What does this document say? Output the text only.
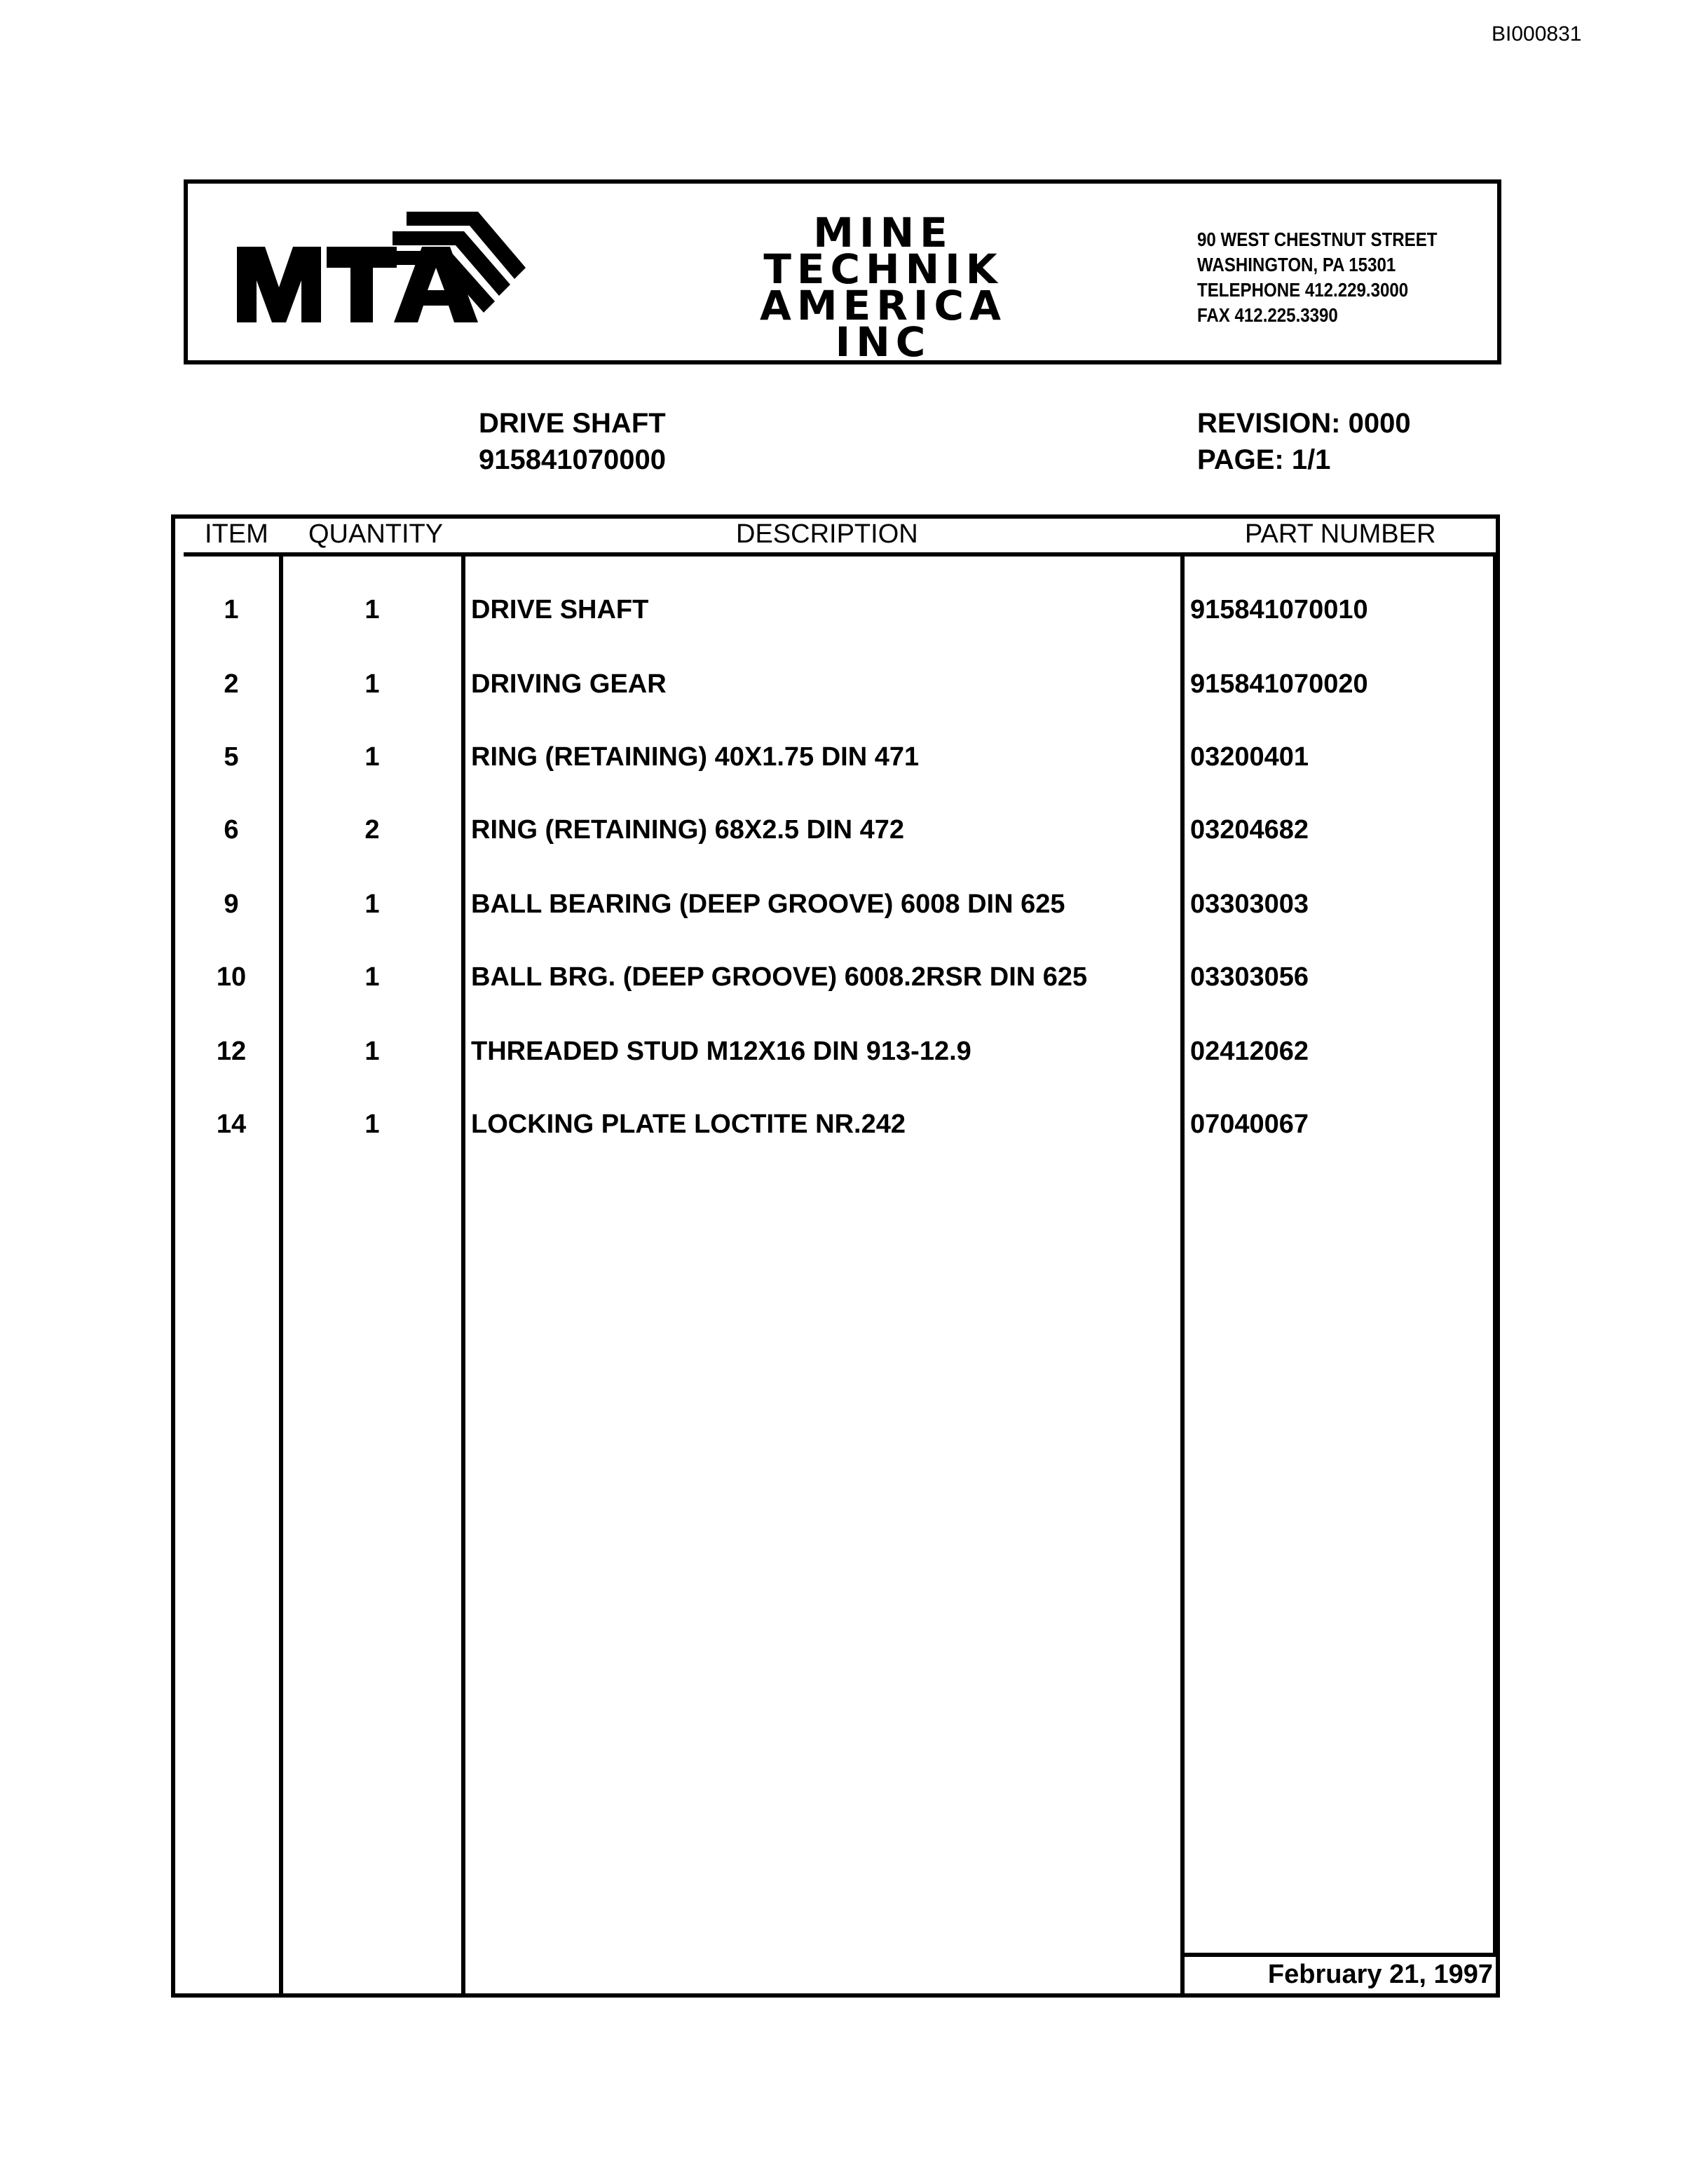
BI000831
MINE
TECHNIK
AMERICA
INC
90 WEST CHESTNUT STREET
WASHINGTON, PA 15301
TELEPHONE 412.229.3000
FAX 412.225.3390
DRIVE SHAFT
915841070000
REVISION: 0000
PAGE: 1/1
ITEM QUANTITY	DESCRIPTION	PART NUMBER
1	1	DRIVE SHAFT	915841070010
2	1	DRIVING GEAR	915841070020
5	1	RING (RETAINING) 40X1.75 DIN 471	03200401
6	2	RING (RETAINING) 68X2.5 DIN 472	03204682
9	1	BALL BEARING (DEEP GROOVE) 6008 DIN 625	03303003
10	1	BALL BRG. (DEEP GROOVE) 6008.2RSR DIN 625	03303056
12	1	THREADED STUD M12X16 DIN 913-12.9	02412062
14	1	LOCKING PLATE LOCTITE NR.242	07040067
February 21, 1997
